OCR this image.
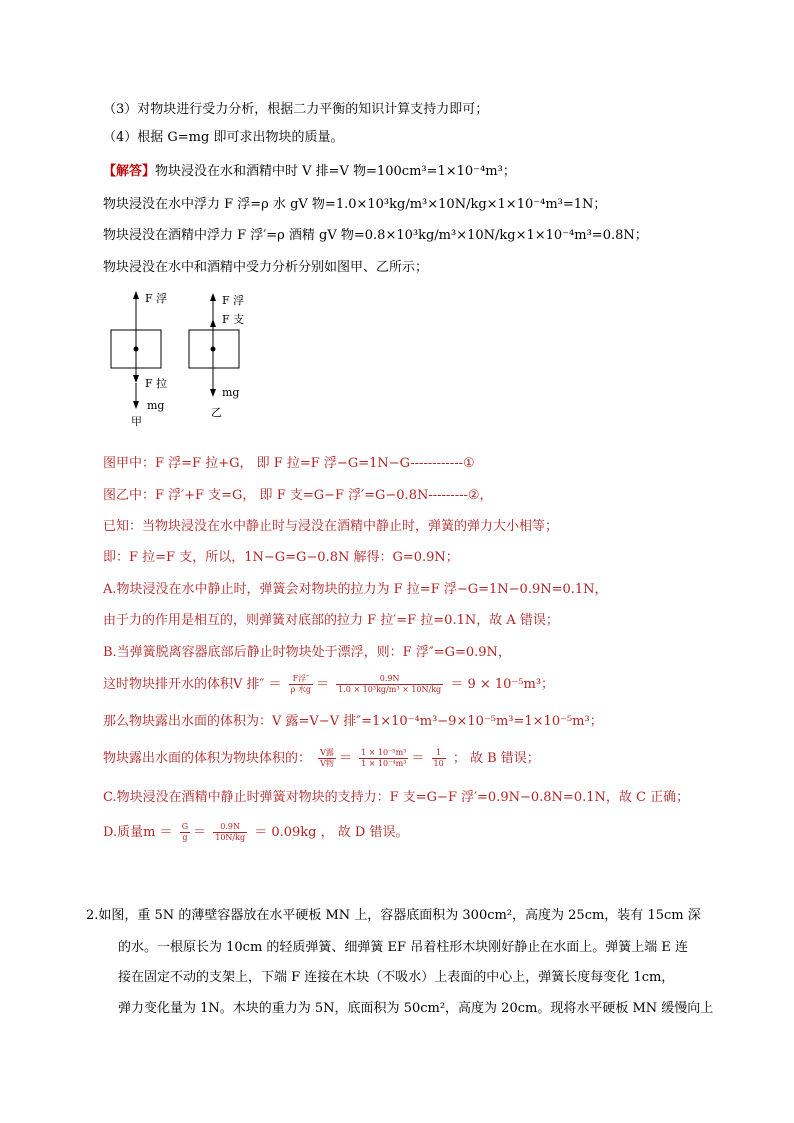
（3）对物块进行受力分析，根据二力平衡的知识计算支持力即可；
（4）根据 G=mg 即可求出物块的质量。
【解答】物块浸没在水和酒精中时 V 排=V 物=100cm³=1×10⁻⁴m³；
物块浸没在水中浮力 F 浮=ρ 水 gV 物=1.0×10³kg/m³×10N/kg×1×10⁻⁴m³=1N；
物块浸没在酒精中浮力 F 浮′=ρ 酒精 gV 物=0.8×10³kg/m³×10N/kg×1×10⁻⁴m³=0.8N；
物块浸没在水中和酒精中受力分析分别如图甲、乙所示；
F 浮
F 拉
mg
甲
F 浮
F 支
mg
乙
图甲中：F 浮=F 拉+G， 即 F 拉=F 浮−G=1N−G------------①
图乙中：F 浮′+F 支=G， 即 F 支=G−F 浮′=G−0.8N---------②，
已知：当物块浸没在水中静止时与浸没在酒精中静止时，弹簧的弹力大小相等；
即：F 拉=F 支，所以，1N−G=G−0.8N 解得：G=0.9N；
A.物块浸没在水中静止时，弹簧会对物块的拉力为 F 拉=F 浮−G=1N−0.9N=0.1N，
由于力的作用是相互的，则弹簧对底部的拉力 F 拉′=F 拉=0.1N，故 A 错误；
B.当弹簧脱离容器底部后静止时物块处于漂浮，则：F 浮″=G=0.9N，
这时物块排开水的体积V 排″ ＝ $\frac{\text{F浮″}}{\text{ρ 水g}} = \frac{0.9N}{\text{1.0 × 10³kg/m³ × 10N/kg}} = 9 \times 10^{-5}m^3$；
那么物块露出水面的体积为：V 露=V−V 排″=1×10⁻⁴m³−9×10⁻⁵m³=1×10⁻⁵m³；
物块露出水面的体积为物块体积的： $\frac{\text{V露}}{\text{V物}} = \frac{\text{1 × 10⁻⁵m³}}{\text{1 × 10⁻⁴m³}} = \frac{1}{10}$ ； 故 B 错误；
C.物块浸没在酒精中静止时弹簧对物块的支持力：F 支=G−F 浮′=0.9N−0.8N=0.1N，故 C 正确；
D.质量$m = \frac{G}{g} = \frac{0.9N}{10N/kg} = 0.09kg$ ， 故 D 错误。
2.如图，重 5N 的薄壁容器放在水平硬板 MN 上，容器底面积为 300cm²，高度为 25cm，装有 15cm 深
的水。一根原长为 10cm 的轻质弹簧、细弹簧 EF 吊着柱形木块刚好静止在水面上。弹簧上端 E 连
接在固定不动的支架上，下端 F 连接在木块（不吸水）上表面的中心上，弹簧长度每变化 1cm，
弹力变化量为 1N。木块的重力为 5N，底面积为 50cm²，高度为 20cm。现将水平硬板 MN 缓慢向上
